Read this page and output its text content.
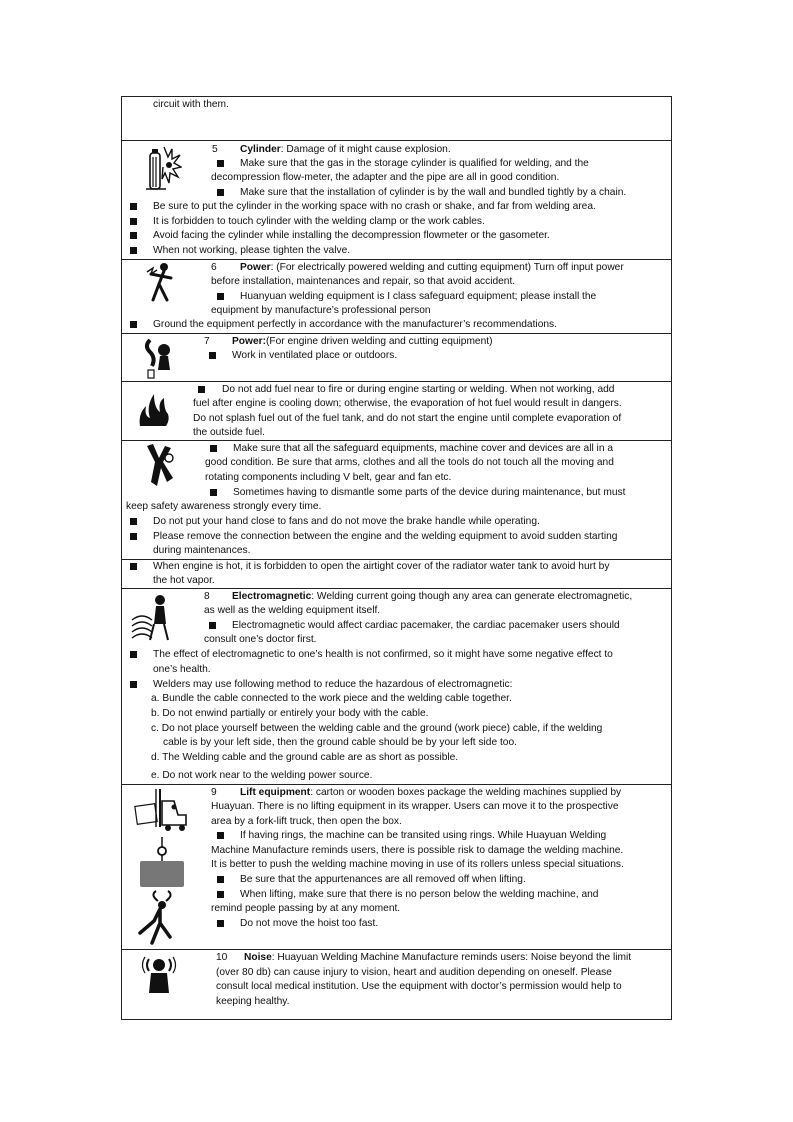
circuit with them.
5 Cylinder: Damage of it might cause explosion.
Make sure that the gas in the storage cylinder is qualified for welding, and the
decompression flow-meter, the adapter and the pipe are all in good condition.
Make sure that the installation of cylinder is by the wall and bundled tightly by a chain.
Be sure to put the cylinder in the working space with no crash or shake, and far from welding area.
It is forbidden to touch cylinder with the welding clamp or the work cables.
Avoid facing the cylinder while installing the decompression flowmeter or the gasometer.
When not working, please tighten the valve.
6 Power: (For electrically powered welding and cutting equipment) Turn off input power
before installation, maintenances and repair, so that avoid accident.
Huanyuan welding equipment is I class safeguard equipment; please install the
equipment by manufacture’s professional person
Ground the equipment perfectly in accordance with the manufacturer’s recommendations.
7 Power:(For engine driven welding and cutting equipment)
Work in ventilated place or outdoors.
Do not add fuel near to fire or during engine starting or welding. When not working, add
fuel after engine is cooling down; otherwise, the evaporation of hot fuel would result in dangers.
Do not splash fuel out of the fuel tank, and do not start the engine until complete evaporation of
the outside fuel.
Make sure that all the safeguard equipments, machine cover and devices are all in a
good condition. Be sure that arms, clothes and all the tools do not touch all the moving and
rotating components including V belt, gear and fan etc.
Sometimes having to dismantle some parts of the device during maintenance, but must
keep safety awareness strongly every time.
Do not put your hand close to fans and do not move the brake handle while operating.
Please remove the connection between the engine and the welding equipment to avoid sudden starting
during maintenances.
When engine is hot, it is forbidden to open the airtight cover of the radiator water tank to avoid hurt by
the hot vapor.
8 Electromagnetic: Welding current going though any area can generate electromagnetic,
as well as the welding equipment itself.
Electromagnetic would affect cardiac pacemaker, the cardiac pacemaker users should
consult one’s doctor first.
The effect of electromagnetic to one’s health is not confirmed, so it might have some negative effect to
one’s health.
Welders may use following method to reduce the hazardous of electromagnetic:
a. Bundle the cable connected to the work piece and the welding cable together.
b. Do not enwind partially or entirely your body with the cable.
c. Do not place yourself between the welding cable and the ground (work piece) cable, if the welding
cable is by your left side, then the ground cable should be by your left side too.
d. The Welding cable and the ground cable are as short as possible.
e. Do not work near to the welding power source.
9 Lift equipment: carton or wooden boxes package the welding machines supplied by
Huayuan. There is no lifting equipment in its wrapper. Users can move it to the prospective
area by a fork-lift truck, then open the box.
If having rings, the machine can be transited using rings. While Huayuan Welding
Machine Manufacture reminds users, there is possible risk to damage the welding machine.
It is better to push the welding machine moving in use of its rollers unless special situations.
Be sure that the appurtenances are all removed off when lifting.
When lifting, make sure that there is no person below the welding machine, and
remind people passing by at any moment.
Do not move the hoist too fast.
10 Noise: Huayuan Welding Machine Manufacture reminds users: Noise beyond the limit
(over 80 db) can cause injury to vision, heart and audition depending on oneself. Please
consult local medical institution. Use the equipment with doctor’s permission would help to
keeping healthy.
